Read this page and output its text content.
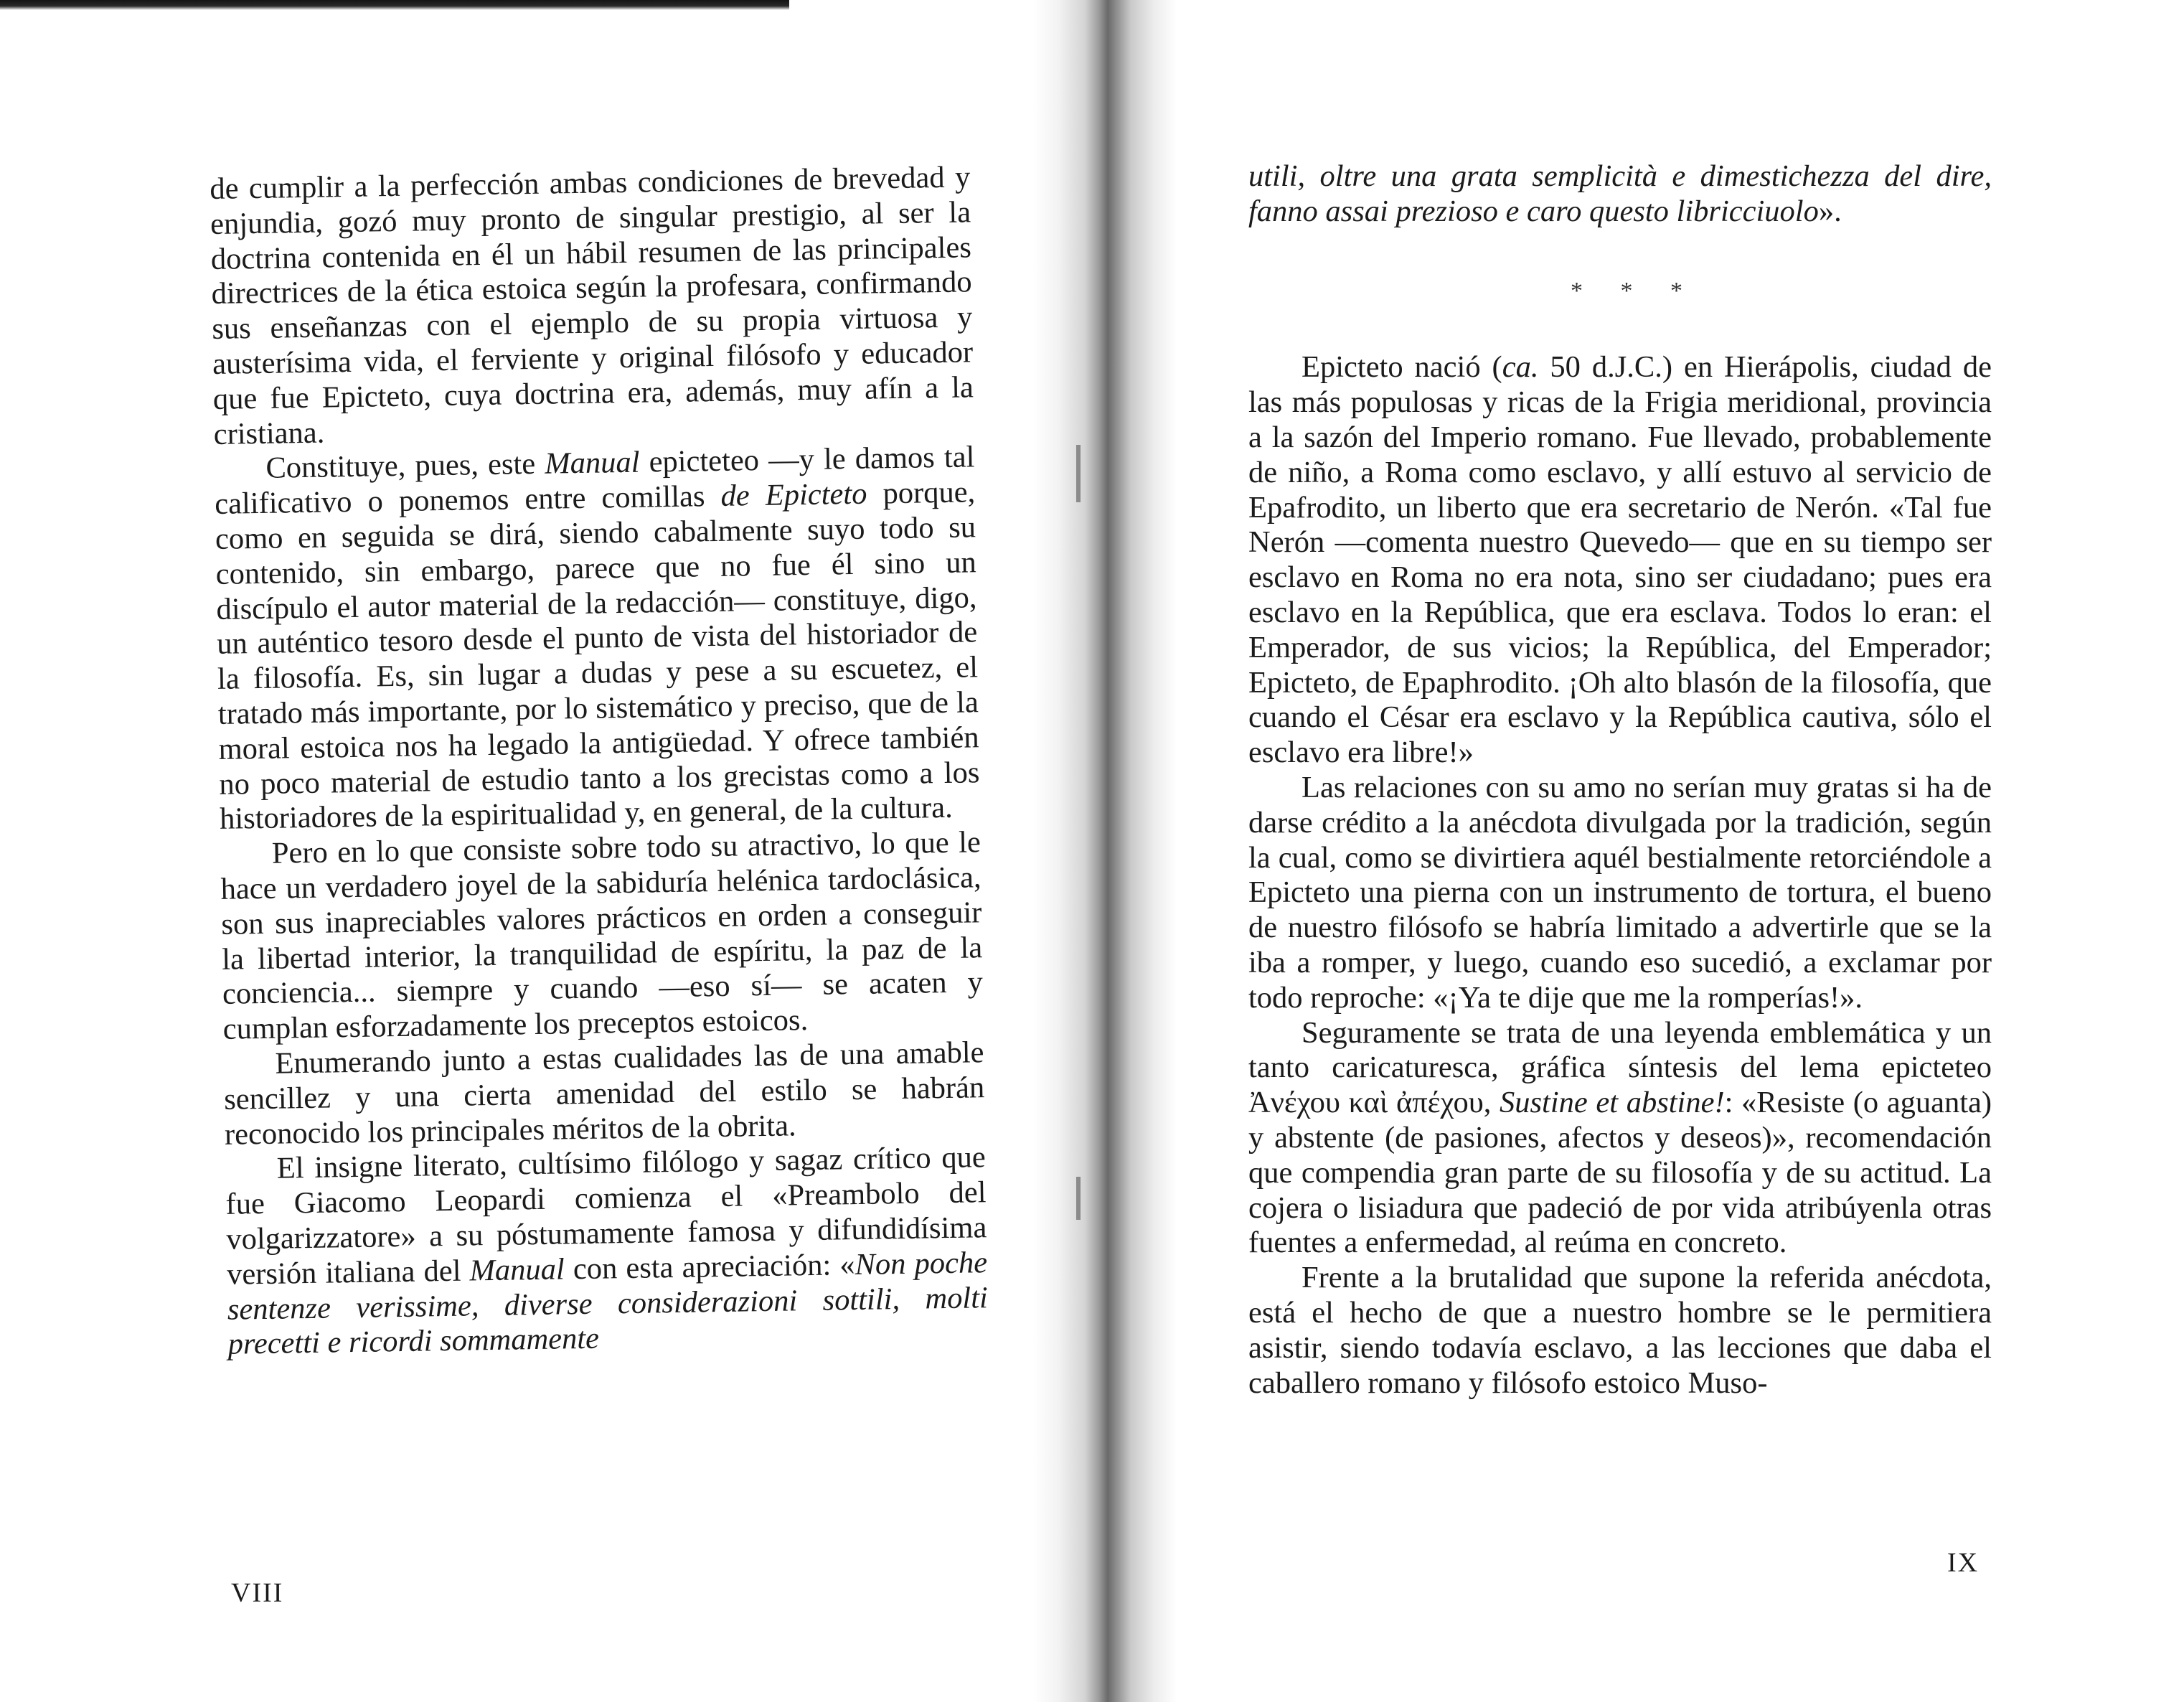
de cumplir a la perfección ambas condiciones de brevedad y enjundia, gozó muy pronto de singular prestigio, al ser la doctrina contenida en él un hábil resumen de las principales directrices de la ética estoica según la profesara, confirmando sus enseñanzas con el ejemplo de su propia virtuosa y austerísima vida, el ferviente y original filósofo y educador que fue Epicteto, cuya doctrina era, además, muy afín a la cristiana.

Constituye, pues, este Manual epicteteo —y le damos tal calificativo o ponemos entre comillas de Epicteto porque, como en seguida se dirá, siendo cabalmente suyo todo su contenido, sin embargo, parece que no fue él sino un discípulo el autor material de la redacción— constituye, digo, un auténtico tesoro desde el punto de vista del historiador de la filosofía. Es, sin lugar a dudas y pese a su escuetez, el tratado más importante, por lo sistemático y preciso, que de la moral estoica nos ha legado la antigüedad. Y ofrece también no poco material de estudio tanto a los grecistas como a los historiadores de la espiritualidad y, en general, de la cultura.

Pero en lo que consiste sobre todo su atractivo, lo que le hace un verdadero joyel de la sabiduría helénica tardoclásica, son sus inapreciables valores prácticos en orden a conseguir la libertad interior, la tranquilidad de espíritu, la paz de la conciencia... siempre y cuando —eso sí— se acaten y cumplan esforzadamente los preceptos estoicos.

Enumerando junto a estas cualidades las de una amable sencillez y una cierta amenidad del estilo se habrán reconocido los principales méritos de la obrita.

El insigne literato, cultísimo filólogo y sagaz crítico que fue Giacomo Leopardi comienza el «Preambolo del volgarizzatore» a su póstumamente famosa y difundidísima versión italiana del Manual con esta apreciación: «Non poche sentenze verissime, diverse considerazioni sottili, molti precetti e ricordi sommamente

VIII

utili, oltre una grata semplicità e dimestichezza del dire, fanno assai prezioso e caro questo libricciuolo».

* * *

Epicteto nació (ca. 50 d.J.C.) en Hierápolis, ciudad de las más populosas y ricas de la Frigia meridional, provincia a la sazón del Imperio romano. Fue llevado, probablemente de niño, a Roma como esclavo, y allí estuvo al servicio de Epafrodito, un liberto que era secretario de Nerón. «Tal fue Nerón —comenta nuestro Quevedo— que en su tiempo ser esclavo en Roma no era nota, sino ser ciudadano; pues era esclavo en la República, que era esclava. Todos lo eran: el Emperador, de sus vicios; la República, del Emperador; Epicteto, de Epaphrodito. ¡Oh alto blasón de la filosofía, que cuando el César era esclavo y la República cautiva, sólo el esclavo era libre!»

Las relaciones con su amo no serían muy gratas si ha de darse crédito a la anécdota divulgada por la tradición, según la cual, como se divirtiera aquél bestialmente retorciéndole a Epicteto una pierna con un instrumento de tortura, el bueno de nuestro filósofo se habría limitado a advertirle que se la iba a romper, y luego, cuando eso sucedió, a exclamar por todo reproche: «¡Ya te dije que me la romperías!».

Seguramente se trata de una leyenda emblemática y un tanto caricaturesca, gráfica síntesis del lema epicteteo Ἀνέχου καὶ ἀπέχου, Sustine et abstine!: «Resiste (o aguanta) y abstente (de pasiones, afectos y deseos)», recomendación que compendia gran parte de su filosofía y de su actitud. La cojera o lisiadura que padeció de por vida atribúyenla otras fuentes a enfermedad, al reúma en concreto.

Frente a la brutalidad que supone la referida anécdota, está el hecho de que a nuestro hombre se le permitiera asistir, siendo todavía esclavo, a las lecciones que daba el caballero romano y filósofo estoico Muso-

IX
